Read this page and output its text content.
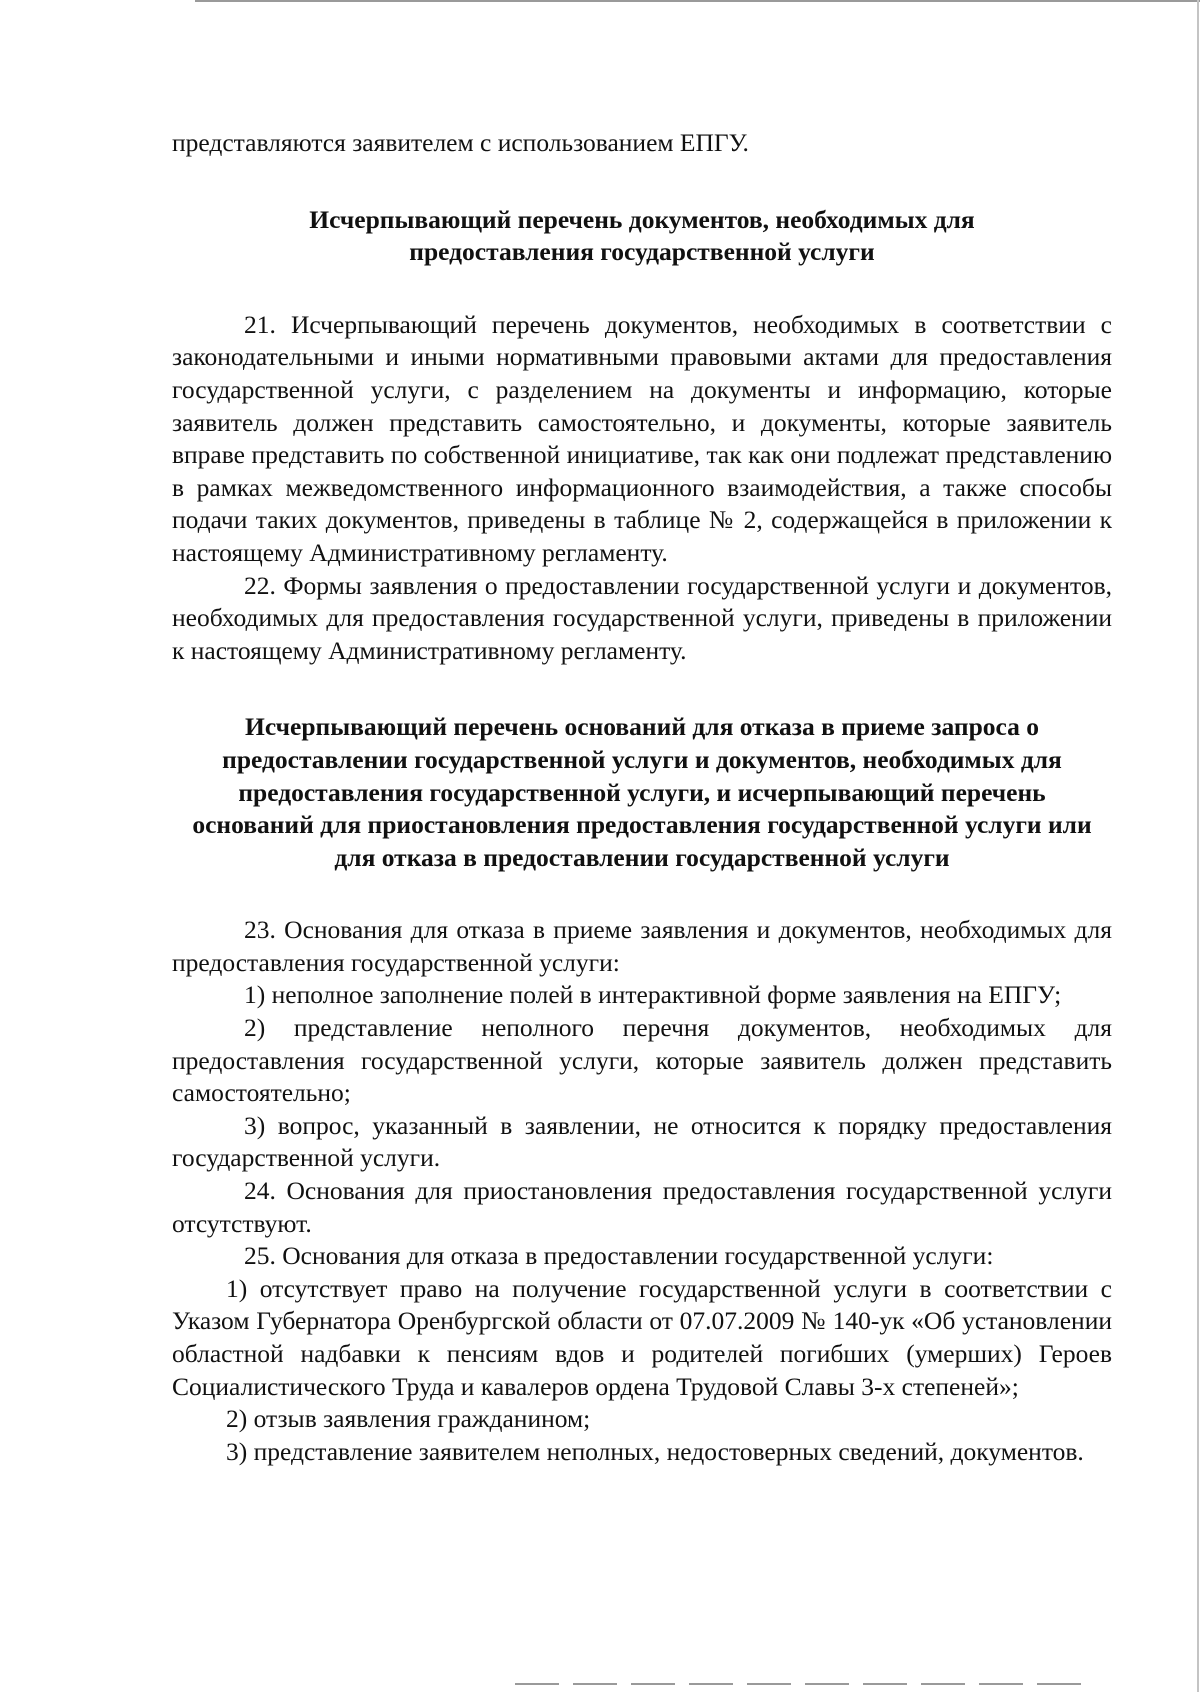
представляются заявителем с использованием ЕПГУ.

Исчерпывающий перечень документов, необходимых для предоставления государственной услуги

21. Исчерпывающий перечень документов, необходимых в соответствии с законодательными и иными нормативными правовыми актами для предоставления государственной услуги, с разделением на документы и информацию, которые заявитель должен представить самостоятельно, и документы, которые заявитель вправе представить по собственной инициативе, так как они подлежат представлению в рамках межведомственного информационного взаимодействия, а также способы подачи таких документов, приведены в таблице № 2, содержащейся в приложении к настоящему Административному регламенту.

22. Формы заявления о предоставлении государственной услуги и документов, необходимых для предоставления государственной услуги, приведены в приложении к настоящему Административному регламенту.

Исчерпывающий перечень оснований для отказа в приеме запроса о предоставлении государственной услуги и документов, необходимых для предоставления государственной услуги, и исчерпывающий перечень оснований для приостановления предоставления государственной услуги или для отказа в предоставлении государственной услуги

23. Основания для отказа в приеме заявления и документов, необходимых для предоставления государственной услуги:

1) неполное заполнение полей в интерактивной форме заявления на ЕПГУ;

2) представление неполного перечня документов, необходимых для предоставления государственной услуги, которые заявитель должен представить самостоятельно;

3) вопрос, указанный в заявлении, не относится к порядку предоставления государственной услуги.

24. Основания для приостановления предоставления государственной услуги отсутствуют.

25. Основания для отказа в предоставлении государственной услуги:

1) отсутствует право на получение государственной услуги в соответствии с Указом Губернатора Оренбургской области от 07.07.2009 № 140-ук «Об установлении областной надбавки к пенсиям вдов и родителей погибших (умерших) Героев Социалистического Труда и кавалеров ордена Трудовой Славы 3-х степеней»;

2) отзыв заявления гражданином;

3) представление заявителем неполных, недостоверных сведений, документов.
